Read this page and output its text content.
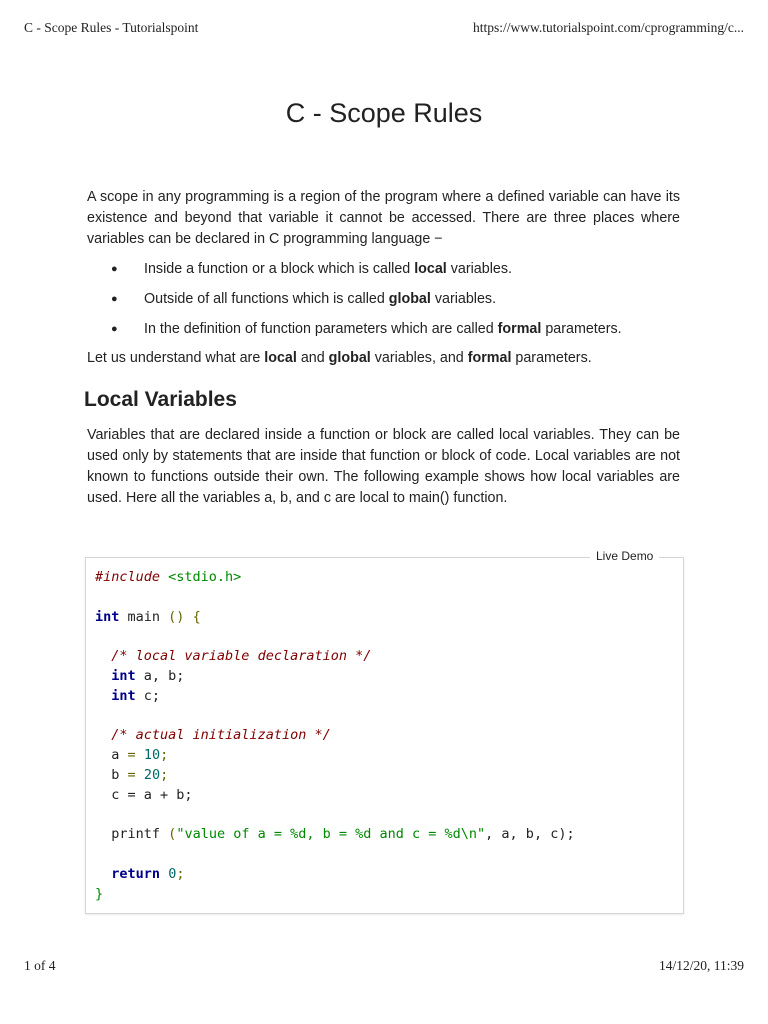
C - Scope Rules - Tutorialspoint	https://www.tutorialspoint.com/cprogramming/c...
C - Scope Rules

A scope in any programming is a region of the program where a defined variable can have its existence and beyond that variable it cannot be accessed. There are three places where variables can be declared in C programming language −

● Inside a function or a block which is called local variables.
● Outside of all functions which is called global variables.
● In the definition of function parameters which are called formal parameters.

Let us understand what are local and global variables, and formal parameters.

Local Variables

Variables that are declared inside a function or block are called local variables. They can be used only by statements that are inside that function or block of code. Local variables are not known to functions outside their own. The following example shows how local variables are used. Here all the variables a, b, and c are local to main() function.

#include <stdio.h>

int main () {

/* local variable declaration */
int a, b;
int c;

/* actual initialization */
a = 10;
b = 20;
c = a + b;

printf ("value of a = %d, b = %d and c = %d\n", a, b, c);

return 0;
}
Live Demo
1 of 4	14/12/20, 11:39
